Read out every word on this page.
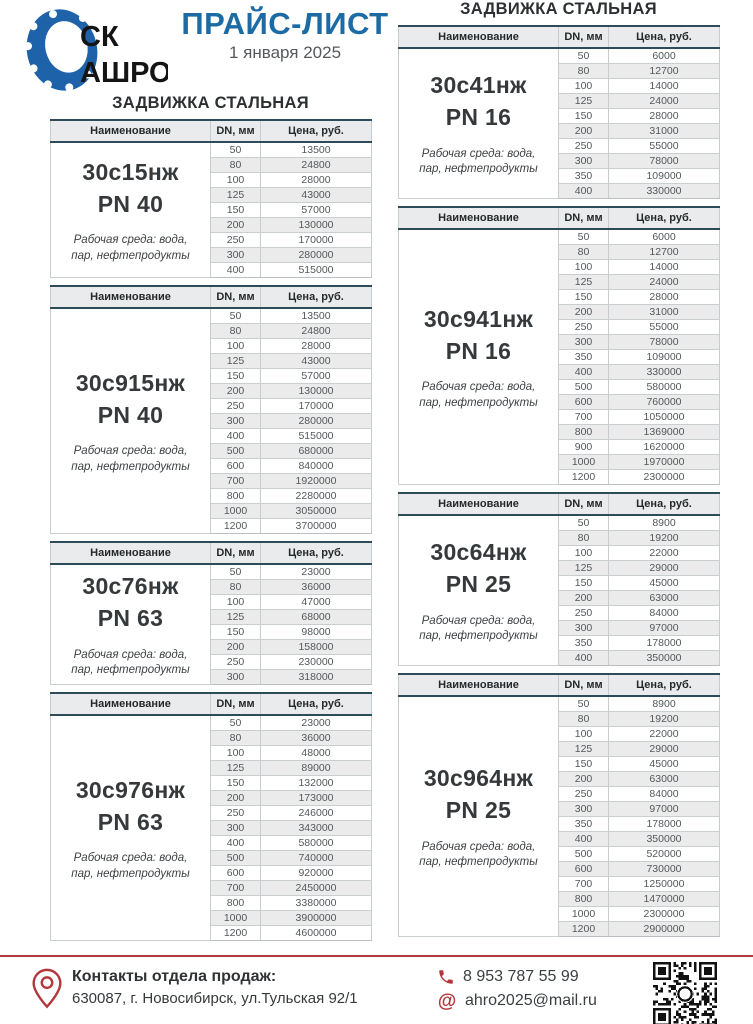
СК
АШРО
ПРАЙС-ЛИСТ
1 января 2025
ЗАДВИЖКА СТАЛЬНАЯ
Наименование	DN, мм	Цена, руб.

30с15нж
PN 40
Рабочая среда: вода, пар, нефтепродукты	50	13500
	80	24800
	100	28000
	125	43000
	150	57000
	200	130000
	250	170000
	300	280000
	400	515000
Наименование	DN, мм	Цена, руб.

30с915нж
PN 40
Рабочая среда: вода, пар, нефтепродукты	50	13500
	80	24800
	100	28000
	125	43000
	150	57000
	200	130000
	250	170000
	300	280000
	400	515000
	500	680000
	600	840000
	700	1920000
	800	2280000
	1000	3050000
	1200	3700000
Наименование	DN, мм	Цена, руб.

30с76нж
PN 63
Рабочая среда: вода, пар, нефтепродукты	50	23000
	80	36000
	100	47000
	125	68000
	150	98000
	200	158000
	250	230000
	300	318000
Наименование	DN, мм	Цена, руб.

30с976нж
PN 63
Рабочая среда: вода, пар, нефтепродукты	50	23000
	80	36000
	100	48000
	125	89000
	150	132000
	200	173000
	250	246000
	300	343000
	400	580000
	500	740000
	600	920000
	700	2450000
	800	3380000
	1000	3900000
	1200	4600000
ЗАДВИЖКА СТАЛЬНАЯ
Наименование	DN, мм	Цена, руб.

30с41нж
PN 16
Рабочая среда: вода, пар, нефтепродукты	50	6000
	80	12700
	100	14000
	125	24000
	150	28000
	200	31000
	250	55000
	300	78000
	350	109000
	400	330000
Наименование	DN, мм	Цена, руб.

30с941нж
PN 16
Рабочая среда: вода, пар, нефтепродукты	50	6000
	80	12700
	100	14000
	125	24000
	150	28000
	200	31000
	250	55000
	300	78000
	350	109000
	400	330000
	500	580000
	600	760000
	700	1050000
	800	1369000
	900	1620000
	1000	1970000
	1200	2300000
Наименование	DN, мм	Цена, руб.

30с64нж
PN 25
Рабочая среда: вода, пар, нефтепродукты	50	8900
	80	19200
	100	22000
	125	29000
	150	45000
	200	63000
	250	84000
	300	97000
	350	178000
	400	350000
Наименование	DN, мм	Цена, руб.

30с964нж
PN 25
Рабочая среда: вода, пар, нефтепродукты	50	8900
	80	19200
	100	22000
	125	29000
	150	45000
	200	63000
	250	84000
	300	97000
	350	178000
	400	350000
	500	520000
	600	730000
	700	1250000
	800	1470000
	1000	2300000
	1200	2900000
Контакты отдела продаж:
630087, г. Новосибирск, ул.Тульская 92/1
8 953 787 55 99
@ ahro2025@mail.ru
